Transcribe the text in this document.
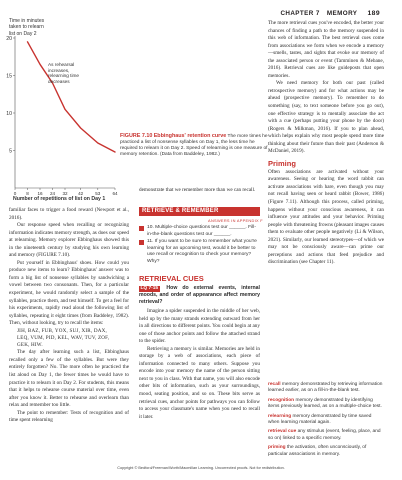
CHAPTER 7 MEMORY 189
Time in minutes
taken to relearn
list on Day 2
5
10
15
20
0 8 16 24 32 42	53	64
As rehearsal
increases,
relearning time
decreases
Number of repetitions of list on Day 1
FIGURE 7.10 Ebbinghaus' retention curve The more times he practiced a list of nonsense syllables on Day 1, the less time he required to relearn it on Day 2. Speed of relearning is one measure of memory retention. (Data from Baddeley, 1982.)

familiar faces to trigger a food reward (Newport et al., 2016).

Our response speed when recalling or recognizing information indicates memory strength, as does our speed at relearning. Memory explorer Ebbinghaus showed this in the nineteenth century by studying his own learning and memory (FIGURE 7.10).

Put yourself in Ebbinghaus' shoes. How could you produce new items to learn? Ebbinghaus' answer was to form a big list of nonsense syllables by sandwiching a vowel between two consonants. Then, for a particular experiment, he would randomly select a sample of the syllables, practice them, and test himself. To get a feel for his experiments, rapidly read aloud the following list of syllables, repeating it eight times (from Baddeley, 1982). Then, without looking, try to recall the items:

JIH, BAZ, FUB, YOX, SUJ, XIR, DAX,
LEQ, VUM, PID, KEL, WAV, TUV, ZOF,
GEK, HIW.

The day after learning such a list, Ebbinghaus recalled only a few of the syllables. But were they entirely forgotten? No. The more often he practiced the list aloud on Day 1, the fewer times he would have to practice it to relearn it on Day 2. For students, this means that it helps to rehearse course material over time, even after you know it. Better to rehearse and overlearn than relax and remember too little.

The point to remember: Tests of recognition and of time spent relearning

demonstrate that we remember more than we can recall.

RETRIEVE & REMEMBER
ANSWERS IN APPENDIX F
10. Multiple-choice questions test our ______. Fill-in-the-blank questions test our ______.
11. If you want to be sure to remember what you're learning for an upcoming test, would it be better to use recall or recognition to check your memory? Why?
RETRIEVAL CUES
LQ 7-15 How do external events, internal moods, and order of appearance affect memory retrieval?

Imagine a spider suspended in the middle of her web, held up by the many strands extending outward from her in all directions to different points. You could begin at any one of those anchor points and follow the attached strand to the spider.

Retrieving a memory is similar. Memories are held in storage by a web of associations, each piece of information connected to many others. Suppose you encode into your memory the name of the person sitting next to you in class. With that name, you will also encode other bits of information, such as your surroundings, mood, seating position, and so on. These bits serve as retrieval cues, anchor points for pathways you can follow to access your classmate's name when you need to recall it later.

The more retrieval cues you've encoded, the better your chances of finding a path to the memory suspended in this web of information. The best retrieval cues come from associations we form when we encode a memory—smells, tastes, and sights that evoke our memory of the associated person or event (Tamminen & Mebane, 2016). Retrieval cues are like guideposts that open memories.

We need memory for both our past (called retrospective memory) and for what actions may be ahead (prospective memory). To remember to do something (say, to text someone before you go out), one effective strategy is to mentally associate the act with a cue (perhaps putting your phone by the door) (Rogers & Milkman, 2016). If you to plan ahead, which helps explain why most people spend more time thinking about their future than their past (Anderson & McDaniel, 2019).

Priming

Often associations are activated without your awareness. Seeing or hearing the word rabbit can activate associations with hare, even though you may not recall having seen or heard rabbit (Bower, 1986) (Figure 7.11). Although this process, called priming, happens without your conscious awareness, it can influence your attitudes and your behavior. Priming people with threatening frowns (pleasant images causes them to evaluate other people negatively (Li & Wilson, 2021). Similarly, our learned stereotypes—of which we may not be consciously aware—can prime our perceptions and actions that feed prejudice and discrimination (see Chapter 11).

recall memory demonstrated by retrieving information learned earlier, as on a fill-in-the-blank test.
recognition memory demonstrated by identifying items previously learned, as on a multiple-choice test.
relearning memory demonstrated by time saved when learning material again.
retrieval cue any stimulus (event, feeling, place, and so on) linked to a specific memory.
priming the activation, often unconsciously, of particular associations in memory.
Copyright © Bedford/Freeman/Worth/Macmillan Learning. Uncorrected proofs. Not for redistribution.
